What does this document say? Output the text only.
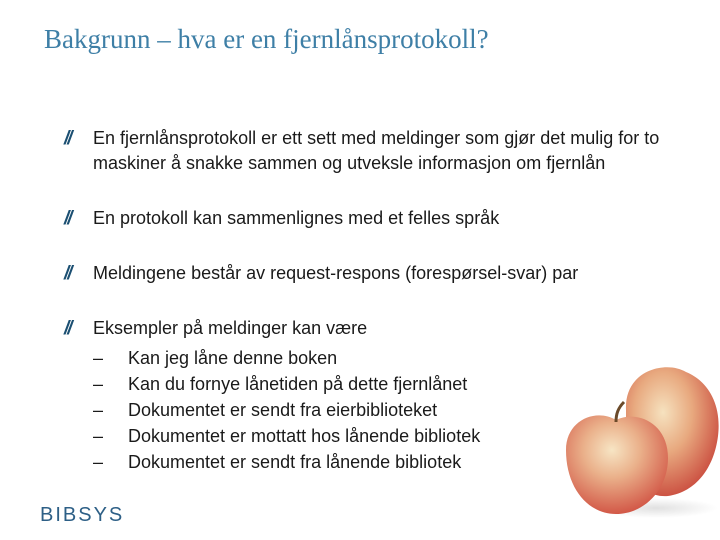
Bakgrunn – hva er en fjernlånsprotokoll?
// En fjernlånsprotokoll er ett sett med meldinger som gjør det mulig for to maskiner å snakke sammen og utveksle informasjon om fjernlån
// En protokoll kan sammenlignes med et felles språk
// Meldingene består av request-respons (forespørsel-svar) par
// Eksempler på meldinger kan være
– Kan jeg låne denne boken
– Kan du fornye lånetiden på dette fjernlånet
– Dokumentet er sendt fra eierbiblioteket
– Dokumentet er mottatt hos lånende bibliotek
– Dokumentet er sendt fra lånende bibliotek
BIBSYS
